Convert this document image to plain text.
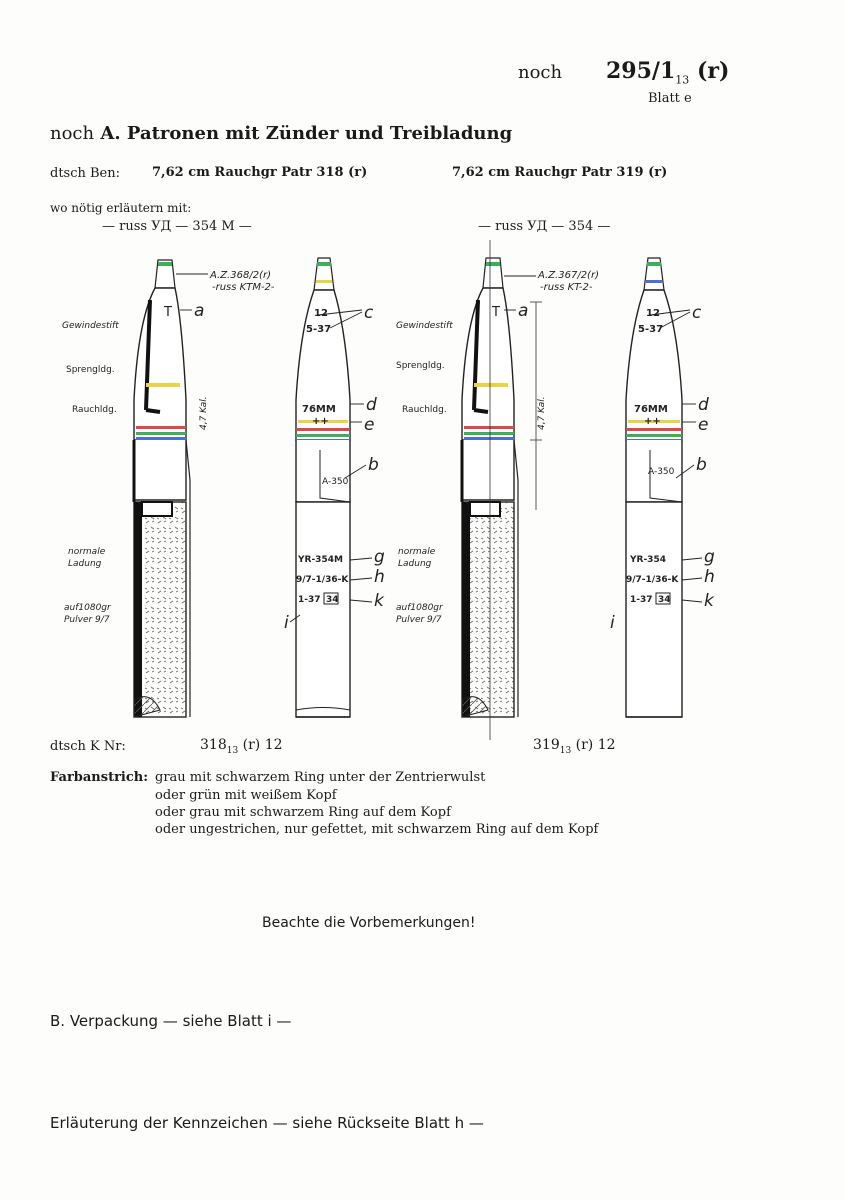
noch $295/1_{13}$ (r)
Blatt e
noch A. Patronen mit Zünder und Treibladung
dtsch Ben: 7,62 cm Rauchgr Patr 318 (r)	7,62 cm Rauchgr Patr 319 (r)
wo nötig erläutern mit:
— russ УД — 354 M —	— russ УД — 354 —
A.Z.368/2(r)
-russ KTM-2-
A.Z.367/2(r)
-russ KT-2-
Gewindestift
Sprengldg.
Rauchldg.
normale
Ladung
auf1080gr
Pulver 9/7
4,7 Kal.
Gewindestift
Sprengldg.
Rauchldg.
normale
Ladung
auf1080gr
Pulver 9/7
4,7 Kal.
T a	c
d
e
b
g
h
k
i
T a	c
d
e
b
g
h
k
i
12
5-37
76MM
++
A-350
YR-354M
9/7-1/36-K
1-37 34
12
5-37
76MM
++
A-350
YR-354
9/7-1/36-K
1-37 34
dtsch K Nr:	$318_{13}$ (r) 12	$319_{13}$ (r) 12
Farbanstrich: grau mit schwarzem Ring unter der Zentrierwulst
oder grün mit weißem Kopf
oder grau mit schwarzem Ring auf dem Kopf
oder ungestrichen, nur gefettet, mit schwarzem Ring auf dem Kopf
Beachte die Vorbemerkungen!
B. Verpackung — siehe Blatt i —
Erläuterung der Kennzeichen — siehe Rückseite Blatt h —
